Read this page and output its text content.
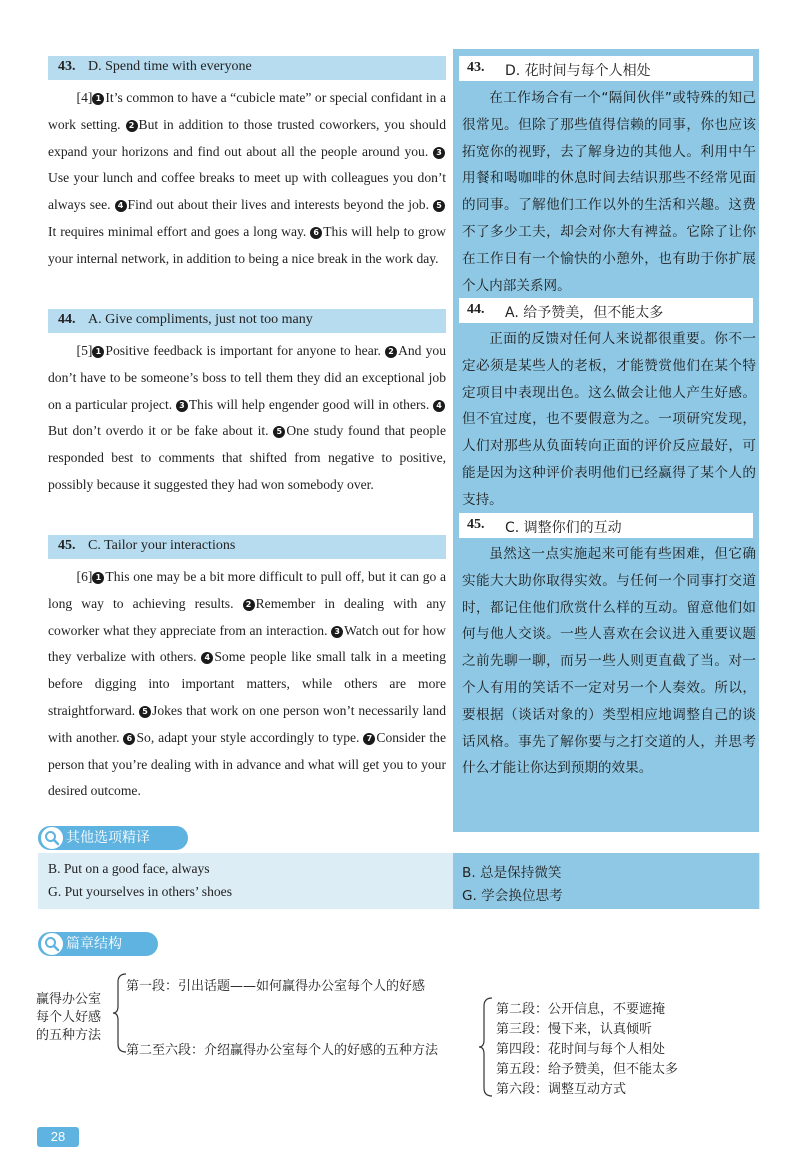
43. D. Spend time with everyone
[4] 1 It’s common to have a “cubicle mate” or special confidant in a work setting. 2 But in addition to those trusted coworkers, you should expand your horizons and find out about all the people around you. 3Use your lunch and coffee breaks to meet up with colleagues you don’t always see. 4 Find out about their lives and interests beyond the job. 5It requires minimal effort and goes a long way. 6 This will help to grow your internal network, in addition to being a nice break in the work day.
43. D. 花时间与每个人相处
在工作场合有一个“隔间伙伴”或特殊的知己很常见。但除了那些值得信赖的同事，你也应该拓宽你的视野，去了解身边的其他人。利用中午用餐和喝咖啡的休息时间去结识那些不经常见面的同事。了解他们工作以外的生活和兴趣。这费不了多少工夫，却会对你大有裨益。它除了让你在工作日有一个愉快的小憩外，也有助于你扩展个人内部关系网。
44. A. Give compliments, just not too many
[5] 1 Positive feedback is important for anyone to hear. 2 And you don’t have to be someone’s boss to tell them they did an exceptional job on a particular project. 3 This will help engender good will in others. 4But don’t overdo it or be fake about it. 5 One study found that people responded best to comments that shifted from negative to positive, possibly because it suggested they had won somebody over.
44. A. 给予赞美，但不能太多
正面的反馈对任何人来说都很重要。你不一定必须是某些人的老板，才能赞赏他们在某个特定项目中表现出色。这么做会让他人产生好感。但不宜过度，也不要假意为之。一项研究发现，人们对那些从负面转向正面的评价反应最好，可能是因为这种评价表明他们已经赢得了某个人的支持。
45. C. Tailor your interactions
[6] 1 This one may be a bit more difficult to pull off, but it can go a long way to achieving results. 2 Remember in dealing with any coworker what they appreciate from an interaction. 3 Watch out for how they verbalize with others. 4 Some people like small talk in a meeting before digging into important matters, while others are more straightforward. 5 Jokes that work on one person won’t necessarily land with another. 6 So, adapt your style accordingly to type. 7 Consider the person that you’re dealing with in advance and what will get you to your desired outcome.
45. C. 调整你们的互动
虽然这一点实施起来可能有些困难，但它确实能大大助你取得实效。与任何一个同事打交道时，都记住他们欣赏什么样的互动。留意他们如何与他人交谈。一些人喜欢在会议进入重要议题之前先聊一聊，而另一些人则更直截了当。对一个人有用的笑话不一定对另一个人奏效。所以，要根据（谈话对象的）类型相应地调整自己的谈话风格。事先了解你要与之打交道的人，并思考什么才能让你达到预期的效果。
其他选项精译
B. Put on a good face, always
G. Put yourselves in others’ shoes
B. 总是保持微笑
G. 学会换位思考
篇章结构
赢得办公室
每个人好感
的五种方法
第一段：引出话题——如何赢得办公室每个人的好感
第二至六段：介绍赢得办公室每个人的好感的五种方法
第二段：公开信息，不要遮掩
第三段：慢下来，认真倾听
第四段：花时间与每个人相处
第五段：给予赞美，但不能太多
第六段：调整互动方式
28
